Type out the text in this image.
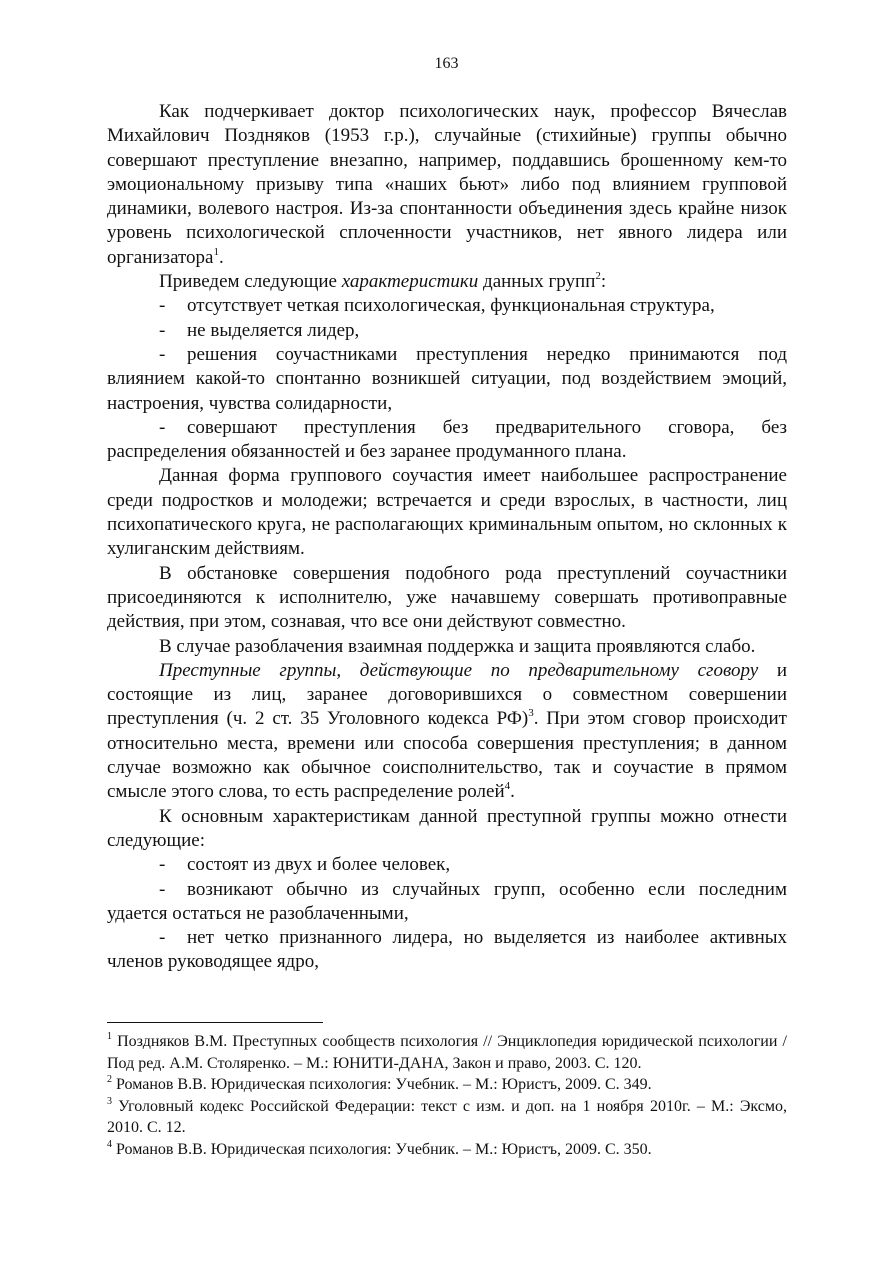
163

Как подчеркивает доктор психологических наук, профессор Вячеслав Михайлович Поздняков (1953 г.р.), случайные (стихийные) группы обычно совершают преступление внезапно, например, поддавшись брошенному кем-то эмоциональному призыву типа «наших бьют» либо под влиянием групповой динамики, волевого настроя. Из-за спонтанности объединения здесь крайне низок уровень психологической сплоченности участников, нет явного лидера или организатора$^1$.

Приведем следующие характеристики данных групп$^2$:

- отсутствует четкая психологическая, функциональная структура,

- не выделяется лидер,

- решения соучастниками преступления нередко принимаются под влиянием какой-то спонтанно возникшей ситуации, под воздействием эмоций, настроения, чувства солидарности,

- совершают преступления без предварительного сговора, без распределения обязанностей и без заранее продуманного плана.

Данная форма группового соучастия имеет наибольшее распространение среди подростков и молодежи; встречается и среди взрослых, в частности, лиц психопатического круга, не располагающих криминальным опытом, но склонных к хулиганским действиям.

В обстановке совершения подобного рода преступлений соучастники присоединяются к исполнителю, уже начавшему совершать противоправные действия, при этом, сознавая, что все они действуют совместно.

В случае разоблачения взаимная поддержка и защита проявляются слабо.

Преступные группы, действующие по предварительному сговору и состоящие из лиц, заранее договорившихся о совместном совершении преступления (ч. 2 ст. 35 Уголовного кодекса РФ)$^3$. При этом сговор происходит относительно места, времени или способа совершения преступления; в данном случае возможно как обычное соисполнительство, так и соучастие в прямом смысле этого слова, то есть распределение ролей$^4$.

К основным характеристикам данной преступной группы можно отнести следующие:

- состоят из двух и более человек,

- возникают обычно из случайных групп, особенно если последним удается остаться не разоблаченными,

- нет четко признанного лидера, но выделяется из наиболее активных членов руководящее ядро,

$^1$ Поздняков В.М. Преступных сообществ психология // Энциклопедия юридической психологии / Под ред. А.М. Столяренко. – М.: ЮНИТИ-ДАНА, Закон и право, 2003. С. 120.

$^2$ Романов В.В. Юридическая психология: Учебник. – М.: Юристъ, 2009. С. 349.

$^3$ Уголовный кодекс Российской Федерации: текст с изм. и доп. на 1 ноября 2010г. – М.: Эксмо, 2010. С. 12.

$^4$ Романов В.В. Юридическая психология: Учебник. – М.: Юристъ, 2009. С. 350.
